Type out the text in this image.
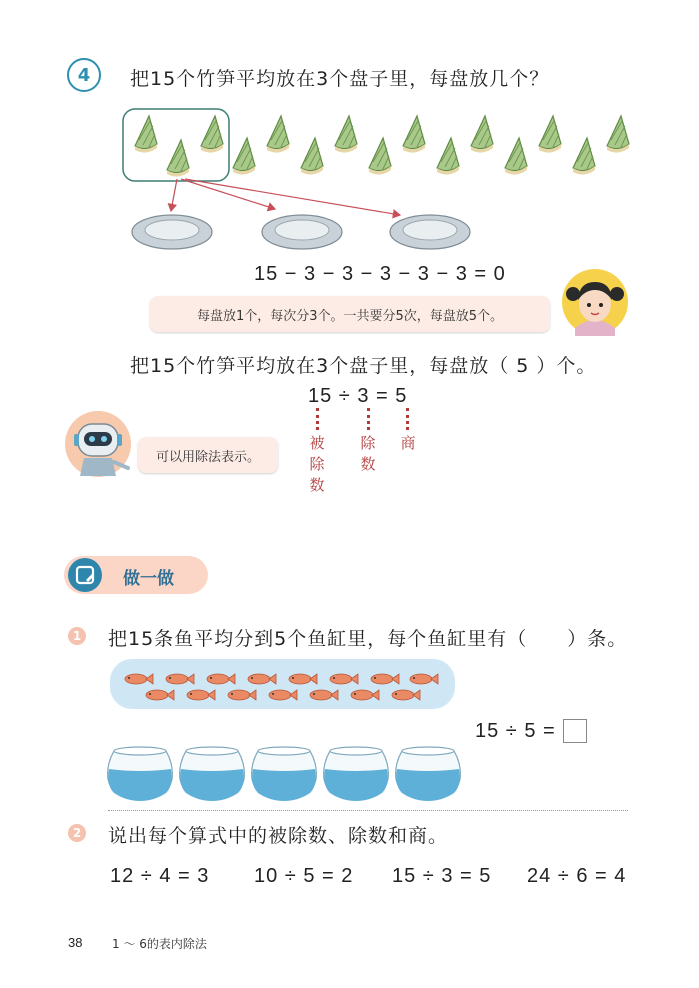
4	把15个竹笋平均放在3个盘子里，每盘放几个？
15 − 3 − 3 − 3 − 3 − 3 = 0
每盘放1个，每次分3个。一共要分5次，每盘放5个。
把15个竹笋平均放在3个盘子里，每盘放（ 5 ）个。
15 ÷ 3 = 5
被除数
除数
商
可以用除法表示。
做一做
1 把15条鱼平均分到5个鱼缸里，每个鱼缸里有（　　）条。
15 ÷ 5 =
2 说出每个算式中的被除数、除数和商。
12 ÷ 4 = 3 10 ÷ 5 = 2 15 ÷ 3 = 5 24 ÷ 6 = 4
38 1 ～ 6的表内除法
